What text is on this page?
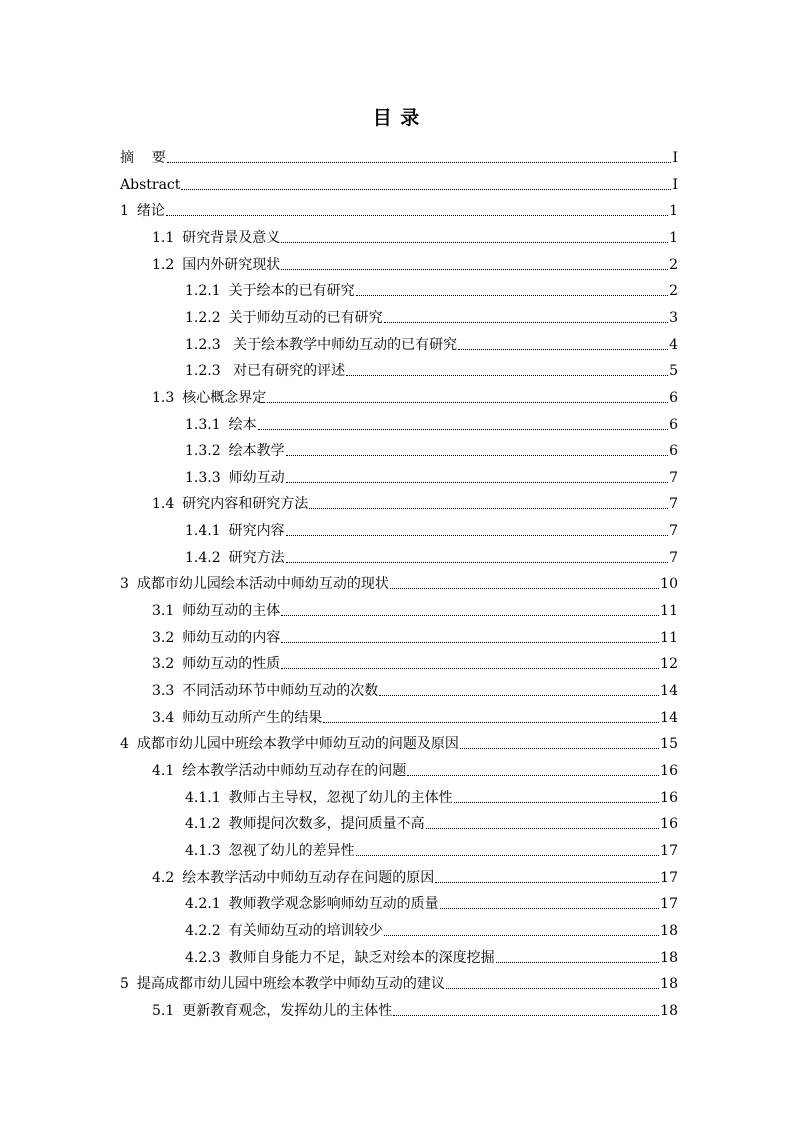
目 录
摘    要	I
Abstract	I
1 绪论	1
1.1 研究背景及意义	1
1.2 国内外研究现状	2
1.2.1 关于绘本的已有研究	2
1.2.2 关于师幼互动的已有研究	3
1.2.3 关于绘本教学中师幼互动的已有研究	4
1.2.3 对已有研究的评述	5
1.3 核心概念界定	6
1.3.1 绘本	6
1.3.2 绘本教学	6
1.3.3 师幼互动	7
1.4 研究内容和研究方法	7
1.4.1 研究内容	7
1.4.2 研究方法	7
3 成都市幼儿园绘本活动中师幼互动的现状	10
3.1 师幼互动的主体	11
3.2 师幼互动的内容	11
3.2 师幼互动的性质	12
3.3 不同活动环节中师幼互动的次数	14
3.4 师幼互动所产生的结果	14
4 成都市幼儿园中班绘本教学中师幼互动的问题及原因	15
4.1 绘本教学活动中师幼互动存在的问题	16
4.1.1 教师占主导权，忽视了幼儿的主体性	16
4.1.2 教师提问次数多，提问质量不高	16
4.1.3 忽视了幼儿的差异性	17
4.2 绘本教学活动中师幼互动存在问题的原因	17
4.2.1 教师教学观念影响师幼互动的质量	17
4.2.2 有关师幼互动的培训较少	18
4.2.3 教师自身能力不足，缺乏对绘本的深度挖掘	18
5 提高成都市幼儿园中班绘本教学中师幼互动的建议	18
5.1 更新教育观念，发挥幼儿的主体性	18
